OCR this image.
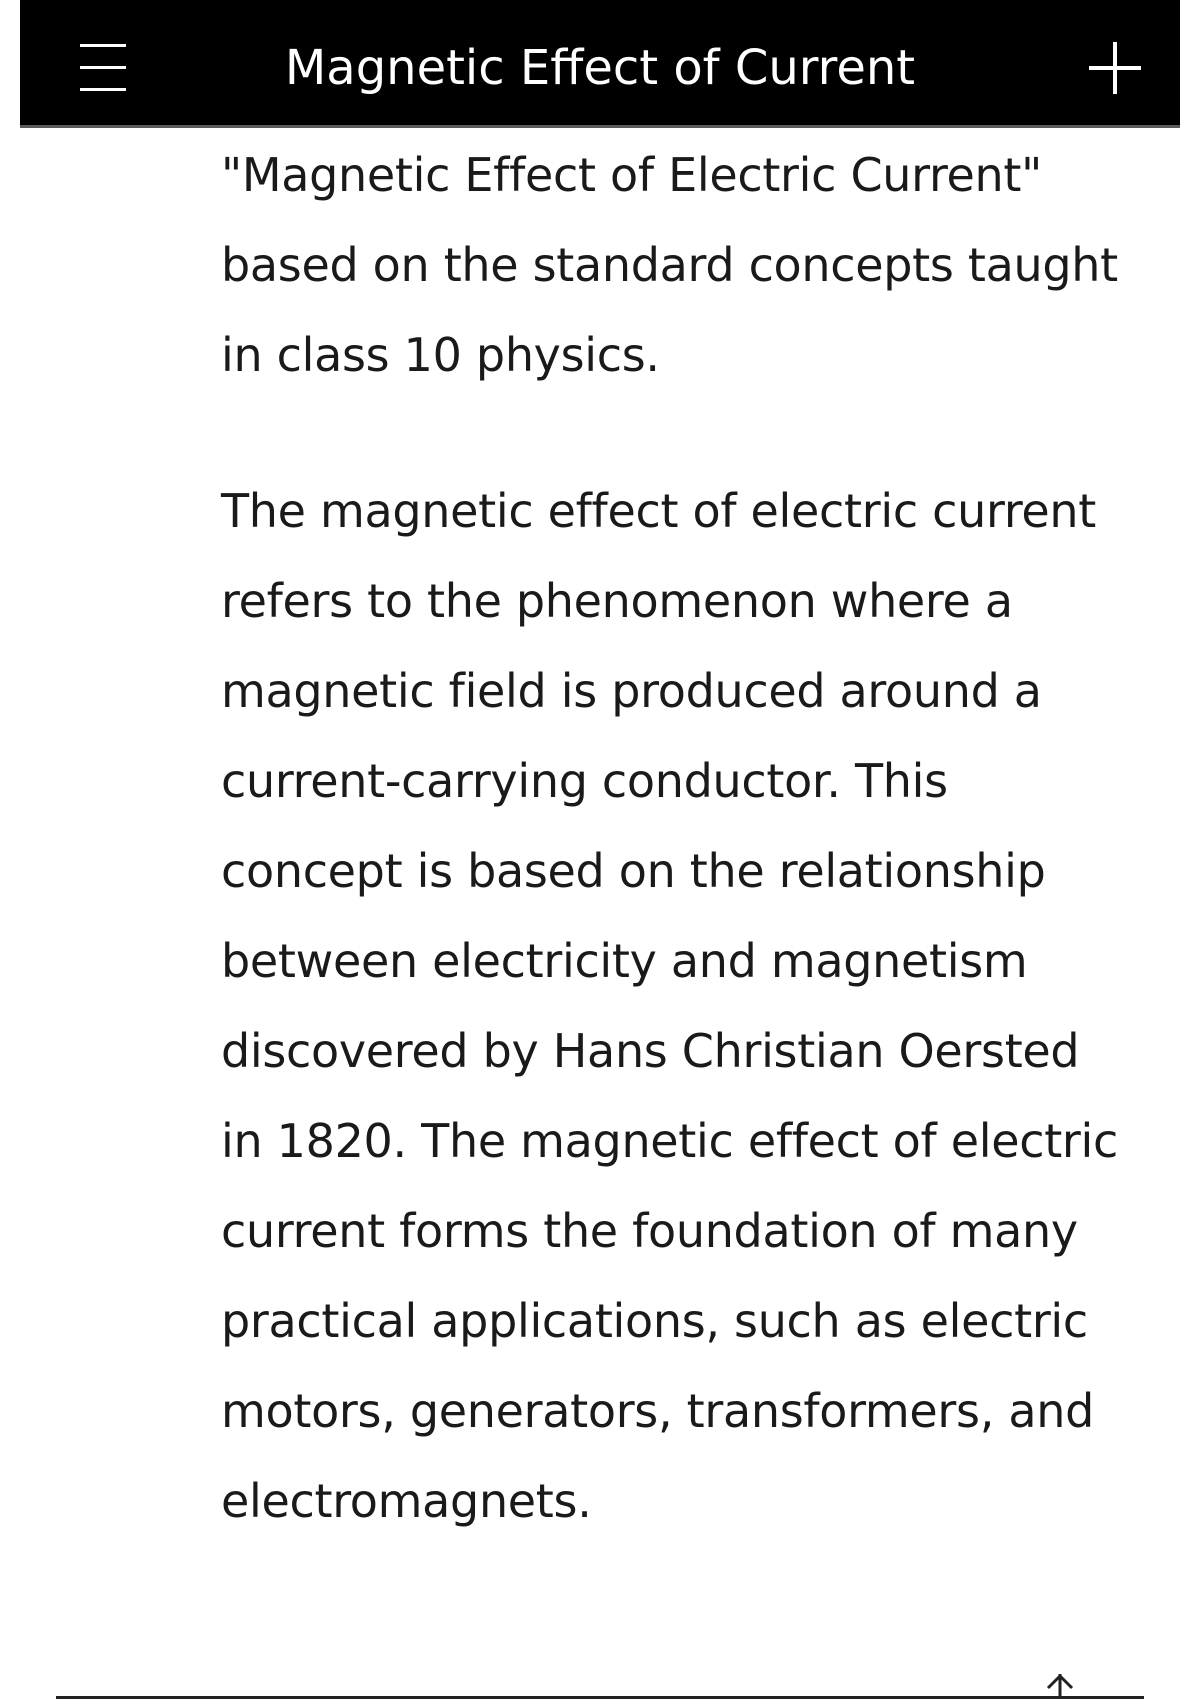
Magnetic Effect of Current

"Magnetic Effect of Electric Current" based on the standard concepts taught in class 10 physics.

The magnetic effect of electric current refers to the phenomenon where a magnetic field is produced around a current-carrying conductor. This concept is based on the relationship between electricity and magnetism discovered by Hans Christian Oersted in 1820. The magnetic effect of electric current forms the foundation of many practical applications, such as electric motors, generators, transformers, and electromagnets.
